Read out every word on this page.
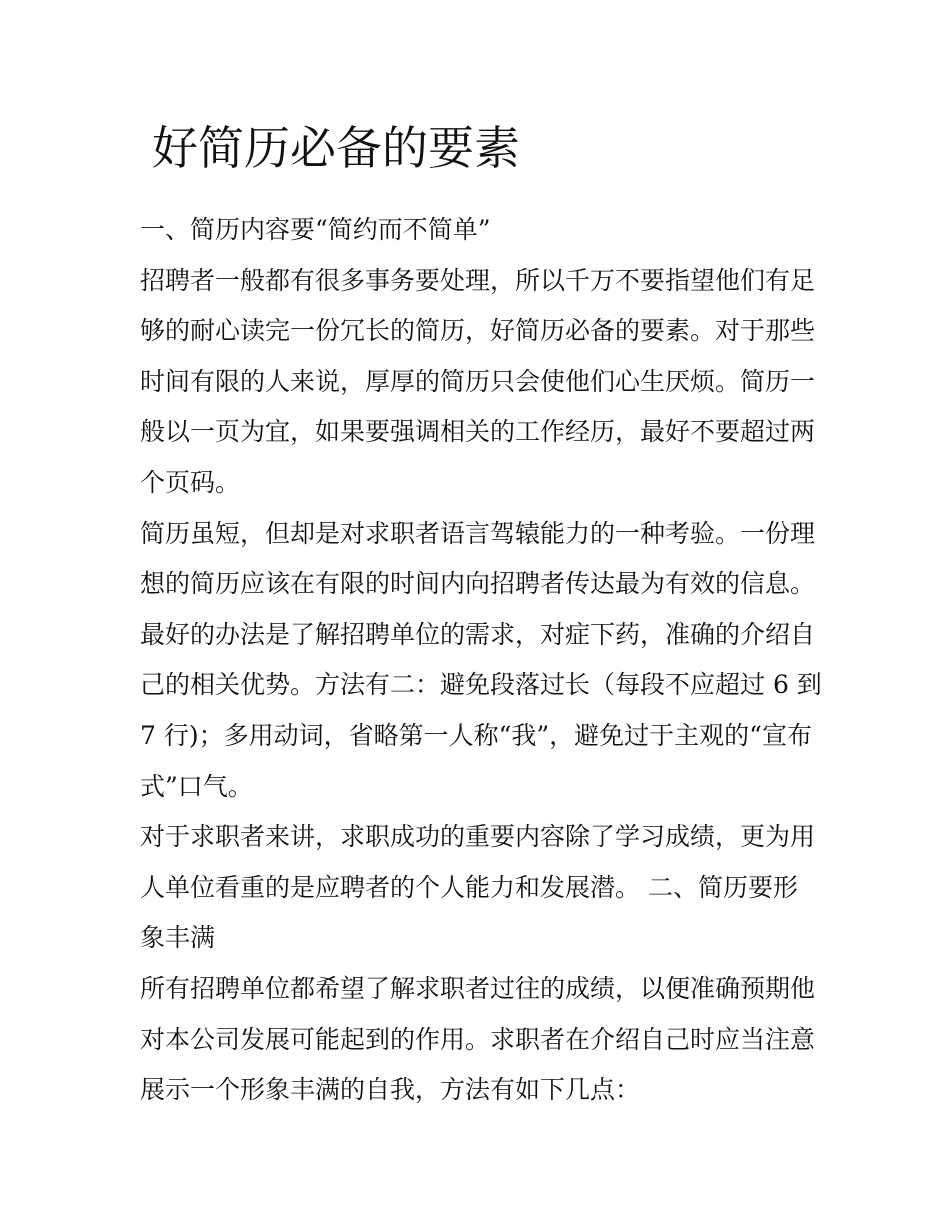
好简历必备的要素
一、简历内容要“简约而不简单”
招聘者一般都有很多事务要处理，所以千万不要指望他们有足
够的耐心读完一份冗长的简历，好简历必备的要素。对于那些
时间有限的人来说，厚厚的简历只会使他们心生厌烦。简历一
般以一页为宜，如果要强调相关的工作经历，最好不要超过两
个页码。
简历虽短，但却是对求职者语言驾辕能力的一种考验。一份理
想的简历应该在有限的时间内向招聘者传达最为有效的信息。
最好的办法是了解招聘单位的需求，对症下药，准确的介绍自
己的相关优势。方法有二：避免段落过长（每段不应超过 6 到
7 行)；多用动词，省略第一人称“我”，避免过于主观的“宣布
式”口气。
对于求职者来讲，求职成功的重要内容除了学习成绩，更为用
人单位看重的是应聘者的个人能力和发展潜。 二、简历要形
象丰满
所有招聘单位都希望了解求职者过往的成绩，以便准确预期他
对本公司发展可能起到的作用。求职者在介绍自己时应当注意
展示一个形象丰满的自我，方法有如下几点：
